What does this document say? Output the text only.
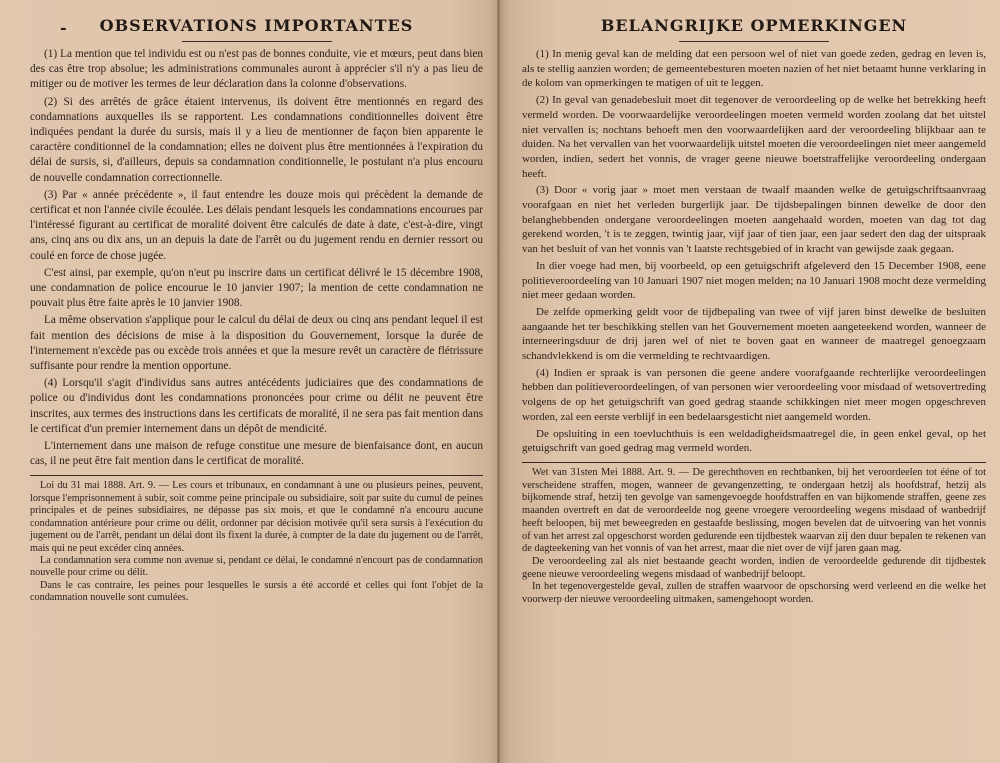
-	OBSERVATIONS IMPORTANTES

(1) La mention que tel individu est ou n'est pas de bonnes conduite, vie et mœurs, peut dans bien des cas être trop absolue; les administrations communales auront à apprécier s'il n'y a pas lieu de mitiger ou de motiver les termes de leur déclaration dans la colonne d'observations.

(2) Si des arrêtés de grâce étaient intervenus, ils doivent être mentionnés en regard des condamnations auxquelles ils se rapportent. Les condamnations conditionnelles doivent être indiquées pendant la durée du sursis, mais il y a lieu de mentionner de façon bien apparente le caractère conditionnel de la condamnation; elles ne doivent plus être mentionnées à l'expiration du délai de sursis, si, d'ailleurs, depuis sa condamnation conditionnelle, le postulant n'a plus encouru de nouvelle condamnation correctionnelle.

(3) Par « année précédente », il faut entendre les douze mois qui précèdent la demande de certificat et non l'année civile écoulée. Les délais pendant lesquels les condamnations encourues par l'intéressé figurant au certificat de moralité doivent être calculés de date à date, c'est-à-dire, vingt ans, cinq ans ou dix ans, un an depuis la date de l'arrêt ou du jugement rendu en dernier ressort ou coulé en force de chose jugée.

C'est ainsi, par exemple, qu'on n'eut pu inscrire dans un certificat délivré le 15 décembre 1908, une condamnation de police encourue le 10 janvier 1907; la mention de cette condamnation ne pouvait plus être faite après le 10 janvier 1908.

La même observation s'applique pour le calcul du délai de deux ou cinq ans pendant lequel il est fait mention des décisions de mise à la disposition du Gouvernement, lorsque la durée de l'internement n'excède pas ou excède trois années et que la mesure revêt un caractère de flétrissure suffisante pour rendre la mention opportune.

(4) Lorsqu'il s'agit d'individus sans autres antécédents judiciaires que des condamnations de police ou d'individus dont les condamnations prononcées pour crime ou délit ne peuvent être inscrites, aux termes des instructions dans les certificats de moralité, il ne sera pas fait mention dans le certificat d'un premier internement dans un dépôt de mendicité.

L'internement dans une maison de refuge constitue une mesure de bienfaisance dont, en aucun cas, il ne peut être fait mention dans le certificat de moralité.

Loi du 31 mai 1888. Art. 9. — Les cours et tribunaux, en condamnant à une ou plusieurs peines, peuvent, lorsque l'emprisonnement à subir, soit comme peine principale ou subsidiaire, soit par suite du cumul de peines principales et de peines subsidiaires, ne dépasse pas six mois, et que le condamné n'a encouru aucune condamnation antérieure pour crime ou délit, ordonner par décision motivée qu'il sera sursis à l'exécution du jugement ou de l'arrêt, pendant un délai dont ils fixent la durée, à compter de la date du jugement ou de l'arrêt, mais qui ne peut excéder cinq années.

La condamnation sera comme non avenue si, pendant ce délai, le condamné n'encourt pas de condamnation nouvelle pour crime ou délit.

Dans le cas contraire, les peines pour lesquelles le sursis a été accordé et celles qui font l'objet de la condamnation nouvelle sont cumulées.

BELANGRIJKE OPMERKINGEN

(1) In menig geval kan de melding dat een persoon wel of niet van goede zeden, gedrag en leven is, als te stellig aanzien worden; de gemeentebesturen moeten nazien of het niet betaamt hunne verklaring in de kolom van opmerkingen te matigen of uit te leggen.

(2) In geval van genadebesluit moet dit tegenover de veroordeeling op de welke het betrekking heeft vermeld worden. De voorwaardelijke veroordeelingen moeten vermeld worden zoolang dat het uitstel niet vervallen is; nochtans behoeft men den voorwaardelijken aard der veroordeeling blijkbaar aan te duiden. Na het vervallen van het voorwaardelijk uitstel moeten die veroordeelingen niet meer aangemeld worden, indien, sedert het vonnis, de vrager geene nieuwe boetstraffelijke veroordeeling ondergaan heeft.

(3) Door « vorig jaar » moet men verstaan de twaalf maanden welke de getuigschriftsaanvraag voorafgaan en niet het verleden burgerlijk jaar. De tijdsbepalingen binnen dewelke de door den belanghebbenden ondergane veroordeelingen moeten aangehaald worden, moeten van dag tot dag gerekend worden, 't is te zeggen, twintig jaar, vijf jaar of tien jaar, een jaar sedert den dag der uitspraak van het besluit of van het vonnis van 't laatste rechtsgebied of in kracht van gewijsde zaak gegaan.

In dier voege had men, bij voorbeeld, op een getuigschrift afgeleverd den 15 December 1908, eene politieveroordeeling van 10 Januari 1907 niet mogen melden; na 10 Januari 1908 mocht deze vermelding niet meer gedaan worden.

De zelfde opmerking geldt voor de tijdbepaling van twee of vijf jaren binst dewelke de besluiten aangaande het ter beschikking stellen van het Gouvernement moeten aangeteekend worden, wanneer de interneeringsduur de drij jaren wel of niet te boven gaat en wanneer de maatregel genoegzaam schandvlekkend is om die vermelding te rechtvaardigen.

(4) Indien er spraak is van personen die geene andere voorafgaande rechterlijke veroordeelingen hebben dan politieveroordeelingen, of van personen wier veroordeeling voor misdaad of wetsovertreding volgens de op het getuigschrift van goed gedrag staande schikkingen niet meer mogen opgeschreven worden, zal een eerste verblijf in een bedelaarsgesticht niet aangemeld worden.

De opsluiting in een toevluchthuis is een weldadigheidsmaatregel die, in geen enkel geval, op het getuigschrift van goed gedrag mag vermeld worden.

Wet van 31sten Mei 1888. Art. 9. — De gerechthoven en rechtbanken, bij het veroordeelen tot ééne of tot verscheidene straffen, mogen, wanneer de gevangenzetting, te ondergaan hetzij als hoofdstraf, hetzij als bijkomende straf, hetzij ten gevolge van samengevoegde hoofdstraffen en van bijkomende straffen, geene zes maanden overtreft en dat de veroordeelde nog geene vroegere veroordeeling wegens misdaad of wanbedrijf heeft beloopen, bij met beweegreden en gestaafde beslissing, mogen bevelen dat de uitvoering van het vonnis of van het arrest zal opgeschorst worden gedurende een tijdbestek waarvan zij den duur bepalen te rekenen van de dagteekening van het vonnis of van het arrest, maar die niet over de vijf jaren gaan mag.

De veroordeeling zal als niet bestaande geacht worden, indien de veroordeelde gedurende dit tijdbestek geene nieuwe veroordeeling wegens misdaad of wanbedrijf beloopt.

In het tegenovergestelde geval, zullen de straffen waarvoor de opschorsing werd verleend en die welke het voorwerp der nieuwe veroordeeling uitmaken, samengehoopt worden.
